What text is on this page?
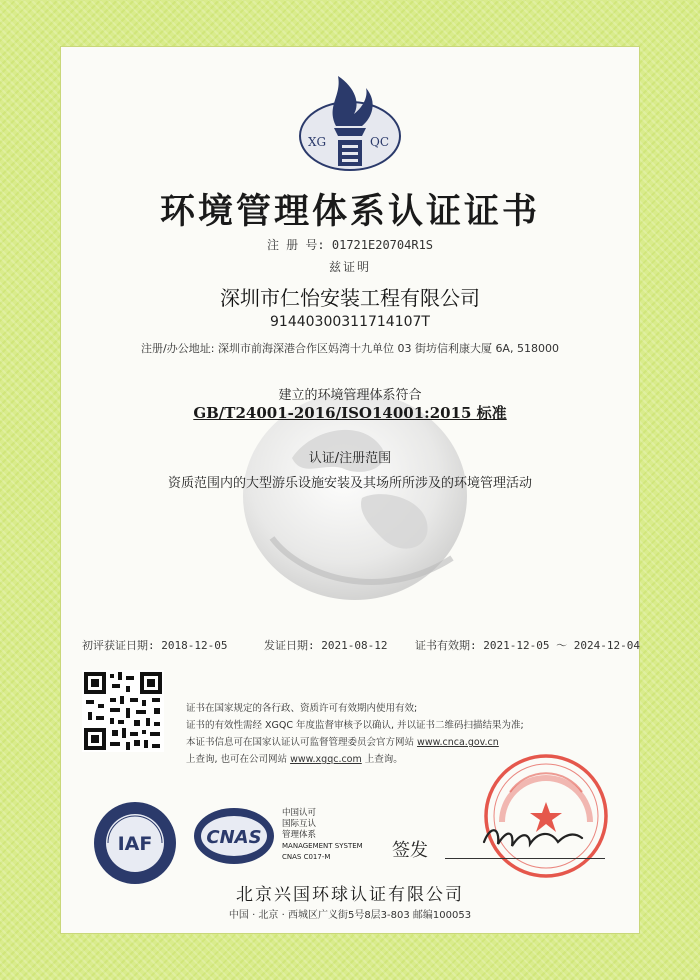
XG	QC
环境管理体系认证证书
注 册 号: 01721E20704R1S
兹证明
深圳市仁怡安装工程有限公司
91440300311714107T
注册/办公地址: 深圳市前海深港合作区妈湾十九单位 03 街坊信利康大厦 6A, 518000
建立的环境管理体系符合
GB/T24001-2016/ISO14001:2015 标准
认证/注册范围
资质范围内的大型游乐设施安装及其场所所涉及的环境管理活动
初评获证日期: 2018-12-05	发证日期: 2021-08-12	证书有效期: 2021-12-05 ～ 2024-12-04
证书在国家规定的各行政、资质许可有效期内使用有效;
证书的有效性需经 XGQC 年度监督审核予以确认, 并以证书二维码扫描结果为准;
本证书信息可在国家认证认可监督管理委员会官方网站 www.cnca.gov.cn
上查询, 也可在公司网站 www.xgqc.com 上查询。
IAF	CNAS
中国认可
国际互认
管理体系
MANAGEMENT SYSTEM
CNAS C017-M	签发
北京兴国环球认证有限公司
中国 · 北京 · 西城区广义街5号8层3-803 邮编100053
